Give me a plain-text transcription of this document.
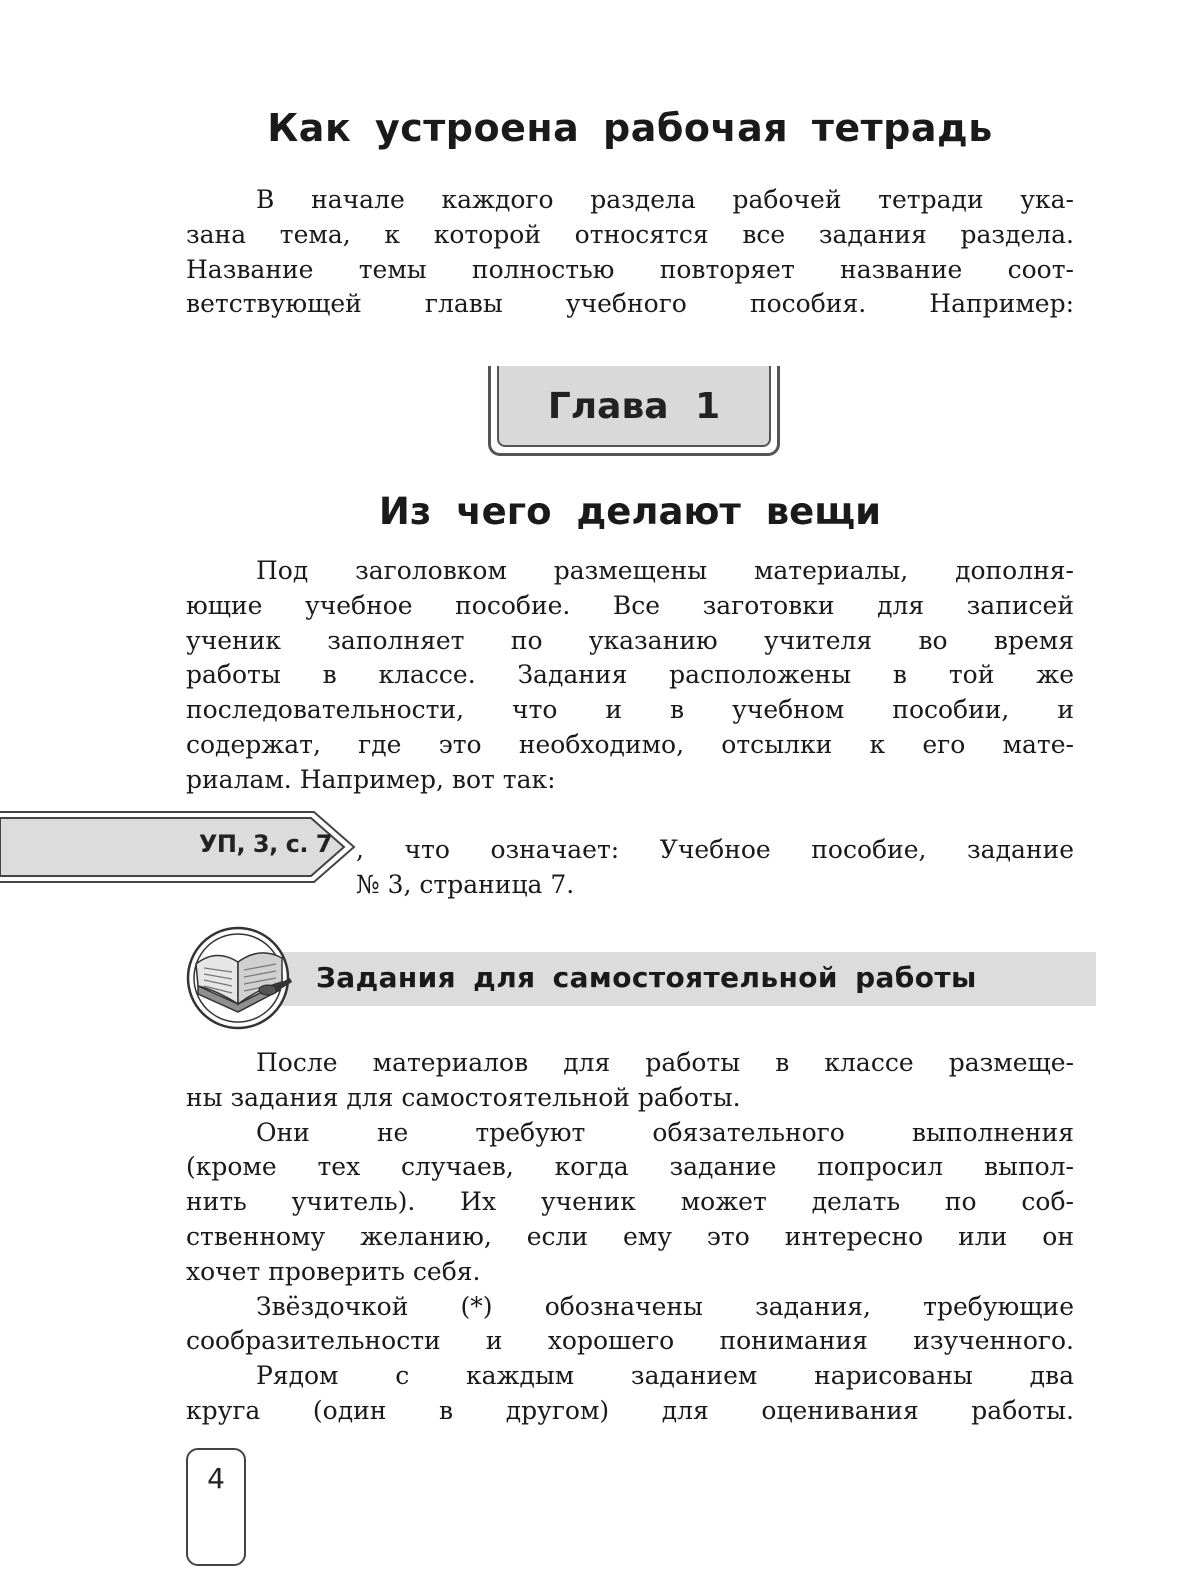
Как устроена рабочая тетрадь
В начале каждого раздела рабочей тетради ука-
зана тема, к которой относятся все задания раздела.
Название темы полностью повторяет название соот-
ветствующей главы учебного пособия. Например:
Глава 1
Из чего делают вещи
Под заголовком размещены материалы, дополня-
ющие учебное пособие. Все заготовки для записей
ученик заполняет по указанию учителя во время
работы в классе. Задания расположены в той же
последовательности, что и в учебном пособии, и
содержат, где это необходимо, отсылки к его мате-
риалам. Например, вот так:
УП, 3, с. 7 , что означает: Учебное пособие, задание
№ 3, страница 7.
Задания для самостоятельной работы
После материалов для работы в классе размеще-
ны задания для самостоятельной работы.
Они не требуют обязательного выполнения
(кроме тех случаев, когда задание попросил выпол-
нить учитель). Их ученик может делать по соб-
ственному желанию, если ему это интересно или он
хочет проверить себя.
Звёздочкой (*) обозначены задания, требующие
сообразительности и хорошего понимания изученного.
Рядом с каждым заданием нарисованы два
круга (один в другом) для оценивания работы.
4
